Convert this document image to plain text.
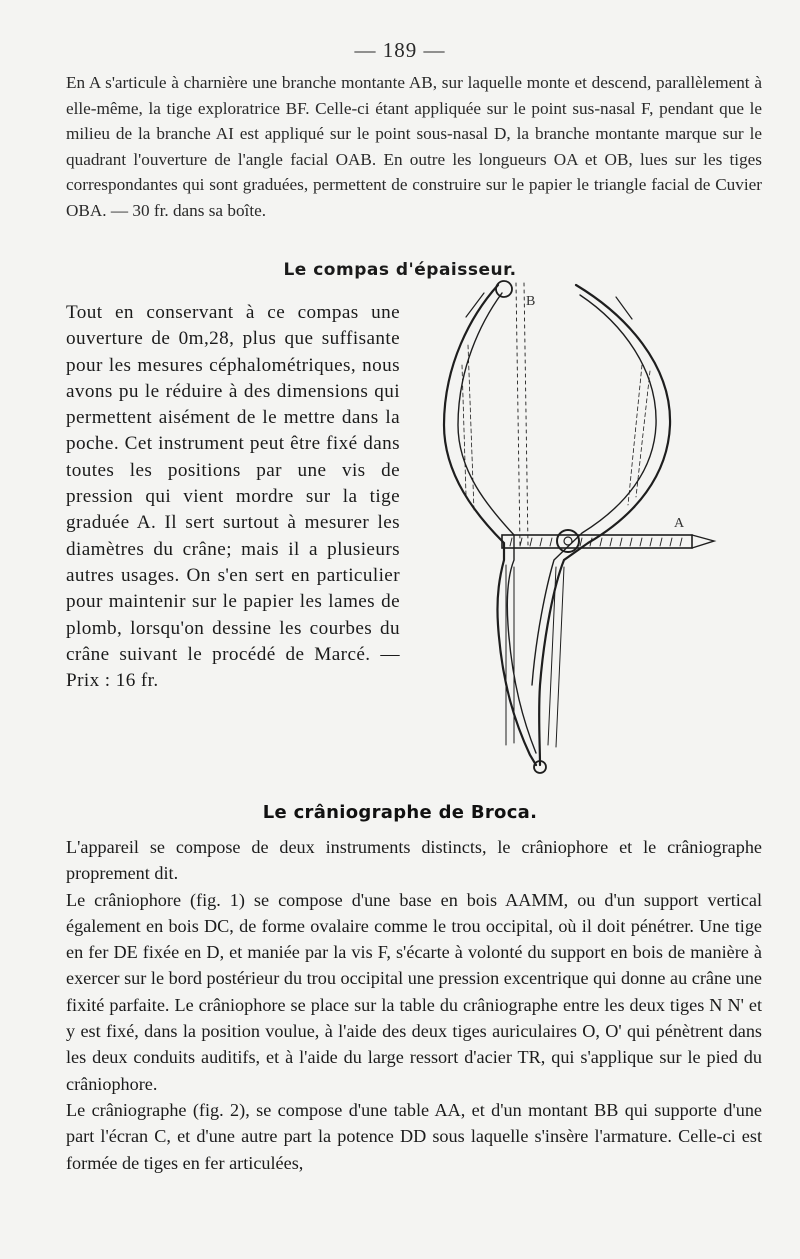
— 189 —

En A s'articule à charnière une branche montante AB, sur laquelle monte et descend, parallèlement à elle-même, la tige exploratrice BF. Celle-ci étant appliquée sur le point sus-nasal F, pendant que le milieu de la branche AI est appliqué sur le point sous-nasal D, la branche montante marque sur le quadrant l'ouverture de l'angle facial OAB. En outre les longueurs OA et OB, lues sur les tiges correspondantes qui sont graduées, permettent de construire sur le papier le triangle facial de Cuvier OBA. — 30 fr. dans sa boîte.

Le compas d'épaisseur.

Tout en conservant à ce compas une ouverture de 0m,28, plus que suffisante pour les mesures céphalométriques, nous avons pu le réduire à des dimensions qui permettent aisément de le mettre dans la poche. Cet instrument peut être fixé dans toutes les positions par une vis de pression qui vient mordre sur la tige graduée A. Il sert surtout à mesurer les diamètres du crâne; mais il a plusieurs autres usages. On s'en sert en particulier pour maintenir sur le papier les lames de plomb, lorsqu'on dessine les courbes du crâne suivant le procédé de Marcé. — Prix : 16 fr.

B
A
Le crâniographe de Broca.

L'appareil se compose de deux instruments distincts, le crâniophore et le crâniographe proprement dit.

Le crâniophore (fig. 1) se compose d'une base en bois AAMM, ou d'un support vertical également en bois DC, de forme ovalaire comme le trou occipital, où il doit pénétrer. Une tige en fer DE fixée en D, et maniée par la vis F, s'écarte à volonté du support en bois de manière à exercer sur le bord postérieur du trou occipital une pression excentrique qui donne au crâne une fixité parfaite. Le crâniophore se place sur la table du crâniographe entre les deux tiges N N' et y est fixé, dans la position voulue, à l'aide des deux tiges auriculaires O, O' qui pénètrent dans les deux conduits auditifs, et à l'aide du large ressort d'acier TR, qui s'applique sur le pied du crâniophore.

Le crâniographe (fig. 2), se compose d'une table AA, et d'un montant BB qui supporte d'une part l'écran C, et d'une autre part la potence DD sous laquelle s'insère l'armature. Celle-ci est formée de tiges en fer articulées,
